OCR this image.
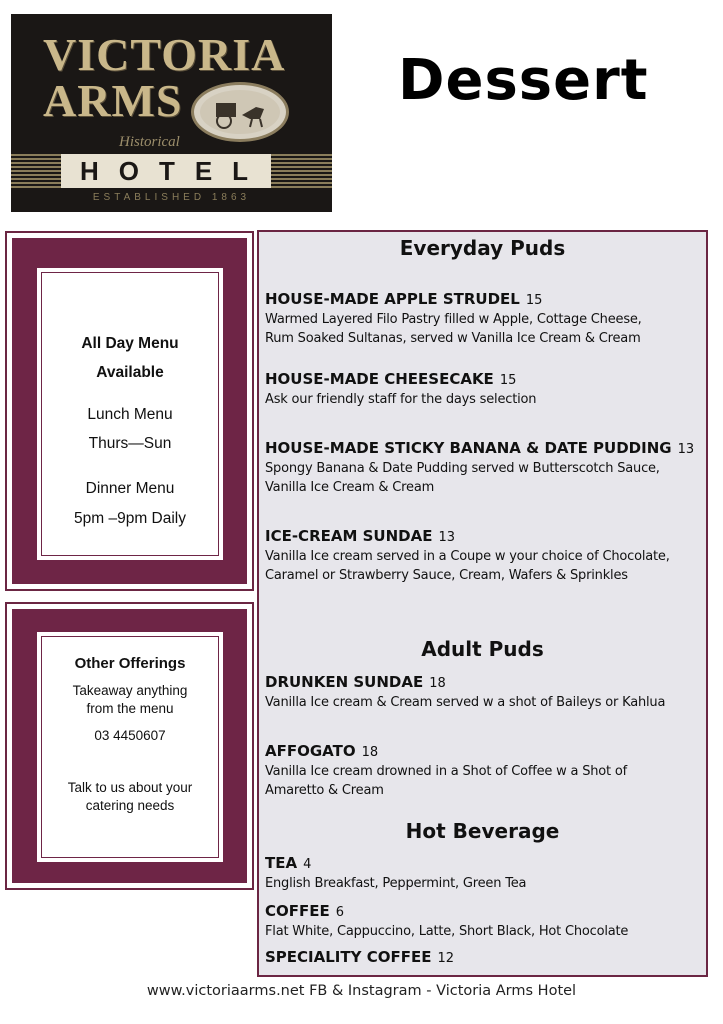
VICTORIA
ARMS
Historical
HOTEL
ESTABLISHED 1863
Dessert
All Day Menu
Available
Lunch Menu
Thurs—Sun
Dinner Menu
5pm –9pm Daily
Other Offerings
Takeaway anything
from the menu
03 4450607
Talk to us about your
catering needs
Everyday Puds
HOUSE-MADE APPLE STRUDEL 15
Warmed Layered Filo Pastry filled w Apple, Cottage Cheese,
Rum Soaked Sultanas, served w Vanilla Ice Cream & Cream
HOUSE-MADE CHEESECAKE 15
Ask our friendly staff for the days selection
HOUSE-MADE STICKY BANANA & DATE PUDDING 13
Spongy Banana & Date Pudding served w Butterscotch Sauce,
Vanilla Ice Cream & Cream
ICE-CREAM SUNDAE 13
Vanilla Ice cream served in a Coupe w your choice of Chocolate,
Caramel or Strawberry Sauce, Cream, Wafers & Sprinkles
Adult Puds
DRUNKEN SUNDAE 18
Vanilla Ice cream & Cream served w a shot of Baileys or Kahlua
AFFOGATO 18
Vanilla Ice cream drowned in a Shot of Coffee w a Shot of
Amaretto & Cream
Hot Beverage
TEA 4
English Breakfast, Peppermint, Green Tea
COFFEE 6
Flat White, Cappuccino, Latte, Short Black, Hot Chocolate
SPECIALITY COFFEE 12
www.victoriaarms.net FB & Instagram - Victoria Arms Hotel
